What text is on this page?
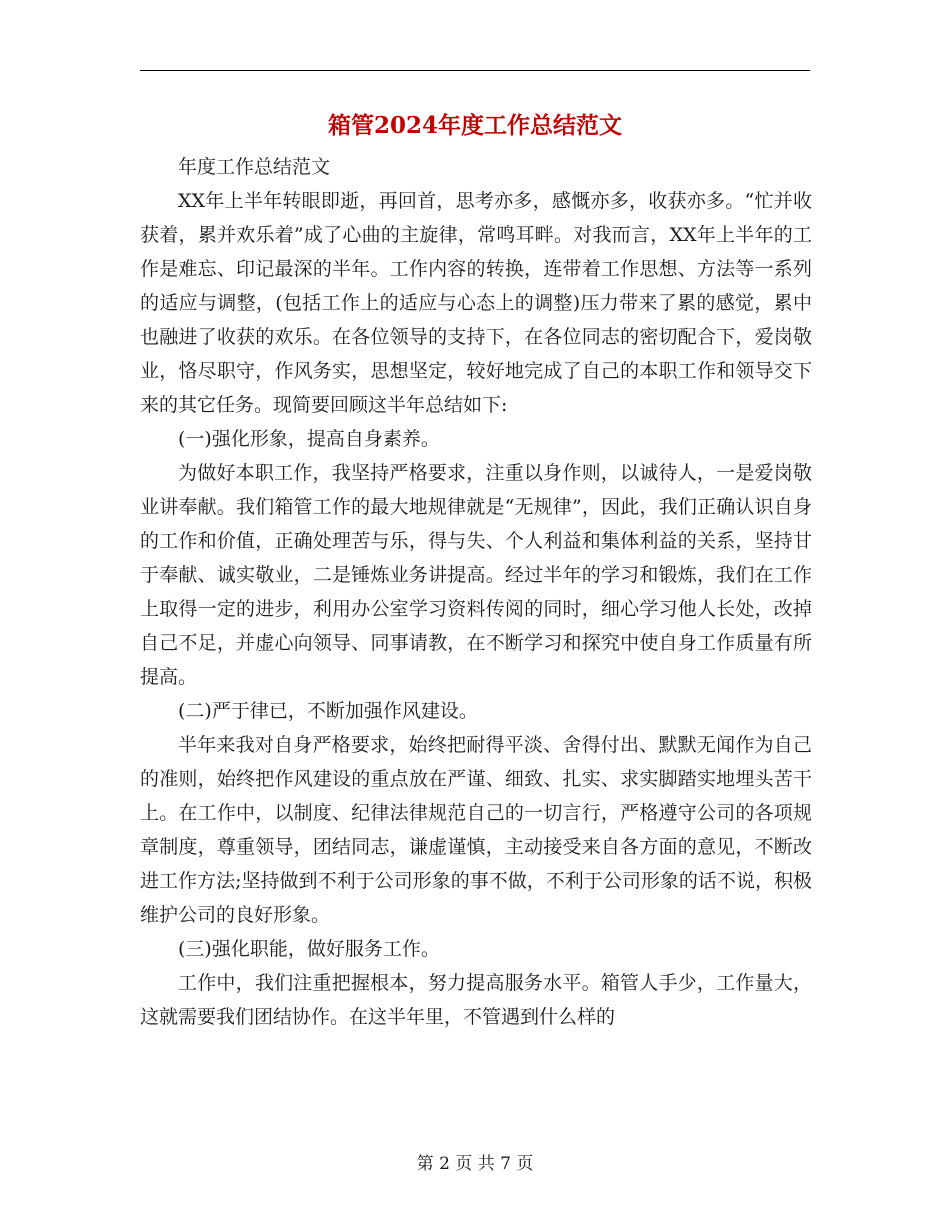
箱管2024年度工作总结范文

年度工作总结范文

XX年上半年转眼即逝，再回首，思考亦多，感慨亦多，收获亦多。“忙并收获着，累并欢乐着”成了心曲的主旋律，常鸣耳畔。对我而言，XX年上半年的工作是难忘、印记最深的半年。工作内容的转换，连带着工作思想、方法等一系列的适应与调整，(包括工作上的适应与心态上的调整)压力带来了累的感觉，累中也融进了收获的欢乐。在各位领导的支持下，在各位同志的密切配合下，爱岗敬业，恪尽职守，作风务实，思想坚定，较好地完成了自己的本职工作和领导交下来的其它任务。现简要回顾这半年总结如下:

(一)强化形象，提高自身素养。

为做好本职工作，我坚持严格要求，注重以身作则，以诚待人，一是爱岗敬业讲奉献。我们箱管工作的最大地规律就是“无规律”，因此，我们正确认识自身的工作和价值，正确处理苦与乐，得与失、个人利益和集体利益的关系，坚持甘于奉献、诚实敬业，二是锤炼业务讲提高。经过半年的学习和锻炼，我们在工作上取得一定的进步，利用办公室学习资料传阅的同时，细心学习他人长处，改掉自己不足，并虚心向领导、同事请教，在不断学习和探究中使自身工作质量有所提高。

(二)严于律已，不断加强作风建设。

半年来我对自身严格要求，始终把耐得平淡、舍得付出、默默无闻作为自己的准则，始终把作风建设的重点放在严谨、细致、扎实、求实脚踏实地埋头苦干上。在工作中，以制度、纪律法律规范自己的一切言行，严格遵守公司的各项规章制度，尊重领导，团结同志，谦虚谨慎，主动接受来自各方面的意见，不断改进工作方法;坚持做到不利于公司形象的事不做，不利于公司形象的话不说，积极维护公司的良好形象。

(三)强化职能，做好服务工作。

工作中，我们注重把握根本，努力提高服务水平。箱管人手少，工作量大，这就需要我们团结协作。在这半年里，不管遇到什么样的

第 2 页 共 7 页
